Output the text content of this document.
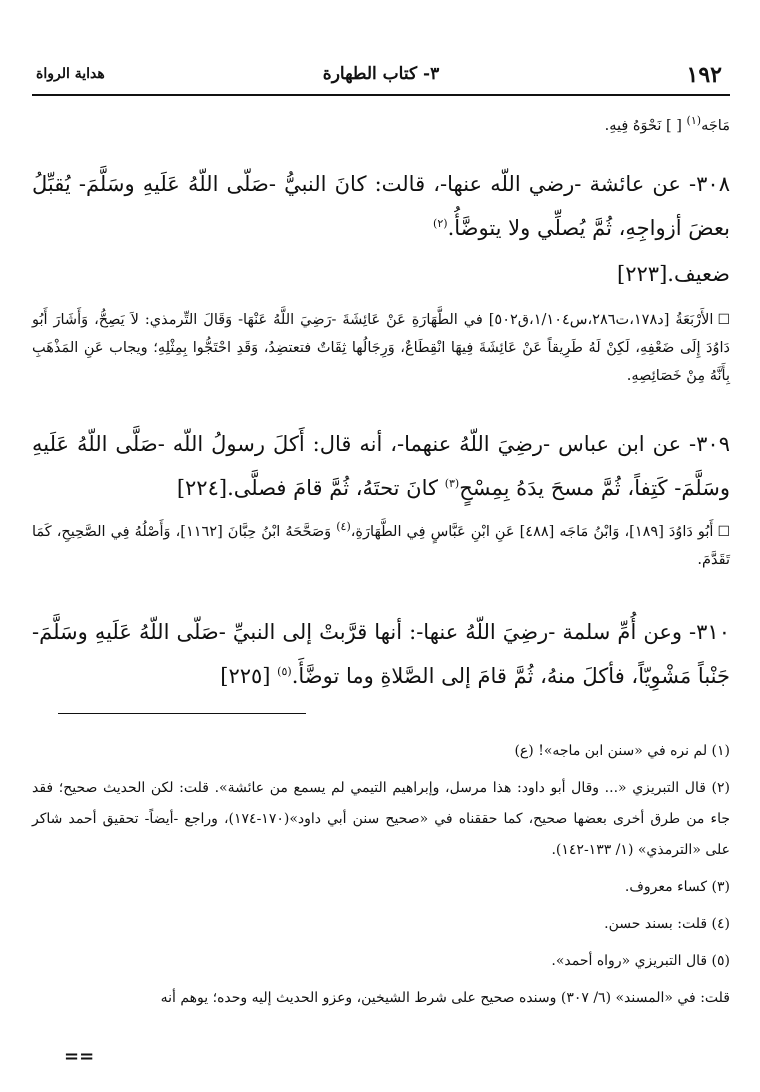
١٩٢
٣- كتاب الطهارة
هداية الرواة
مَاجَه$^{(١)}$ [ ] نَحْوَهُ فِيهِ.
٣٠٨- عن عائشة -رضي اللّه عنها-، قالت: كانَ النبيُّ -صَلّى اللّهُ عَلَيهِ وسَلَّمَ- يُقبِّلُ بعضَ أزواجِهِ، ثُمَّ يُصلِّي ولا يتوضَّأُ.$^{(٢)}$
ضعيف.[٢٢٣]
☐الأَرْبَعَةُ [د١٧٨،ت٢٨٦،س١/١٠٤،ق٥٠٢] في الطَّهَارَةِ عَنْ عَائِشَةَ -رَضِيَ اللَّهُ عَنْهَا- وَقَالَ التِّرمذي: لاَ يَصِحُّ، وَأَشَارَ أَبُو دَاوُدَ إِلَى ضَعْفِهِ، لَكِنْ لَهُ طَرِيقاً عَنْ عَائِشَةَ فِيهَا انْقِطَاعٌ، وَرِجَالُها ثِقَاتٌ فتعتضِدُ، وَقَدِ احْتَجُّوا بِمِثْلِهِ؛ ويجاب عَنِ المَذْهَبِ بِأَنَّهُ مِنْ خَصَائِصِهِ.
٣٠٩- عن ابن عباس -رضِيَ اللّهُ عنهما-، أنه قال: أَكلَ رسولُ اللّه -صَلَّى اللّهُ عَلَيهِ وسَلَّمَ- كَتِفاً، ثُمَّ مسحَ يدَهُ بِمِسْحٍ$^{(٣)}$ كانَ تحتَهُ، ثُمَّ قامَ فصلَّى.[٢٢٤]
☐أَبُو دَاوُدَ [١٨٩]، وَابْنُ مَاجَه [٤٨٨] عَنِ ابْنِ عَبَّاسٍ فِي الطَّهَارَةِ،$^{(٤)}$ وَصَحَّحَهُ ابْنُ حِبَّانَ [١١٦٢]، وَأَصْلُهُ فِي الصَّحِيحِ، كَمَا تَقَدَّمَ.
٣١٠- وعن أُمِّ سلمة -رضِيَ اللّهُ عنها-: أنها قرَّبتْ إلى النبيِّ -صَلّى اللّهُ عَلَيهِ وسَلَّمَ- جَنْباً مَشْوِيّاً، فأكلَ منهُ، ثُمَّ قامَ إلى الصَّلاةِ وما توضَّأَ.$^{(٥)}$ [٢٢٥]

(١) لم نره في «سنن ابن ماجه»! (ع)

(٢) قال التبريزي «... وقال أبو داود: هذا مرسل، وإبراهيم التيمي لم يسمع من عائشة». قلت: لكن الحديث صحيح؛ فقد جاء من طرق أخرى بعضها صحيح، كما حققناه في «صحيح سنن أبي داود»(١٧٠-١٧٤)، وراجع -أيضاً- تحقيق أحمد شاكر على «الترمذي» (١/ ١٣٣-١٤٢).

(٣) كساء معروف.

(٤) قلت: بسند حسن.

(٥) قال التبريزي «رواه أحمد».

قلت: في «المسند» (٦/ ٣٠٧) وسنده صحيح على شرط الشيخين، وعزو الحديث إليه وحده؛ يوهم أنه

==
